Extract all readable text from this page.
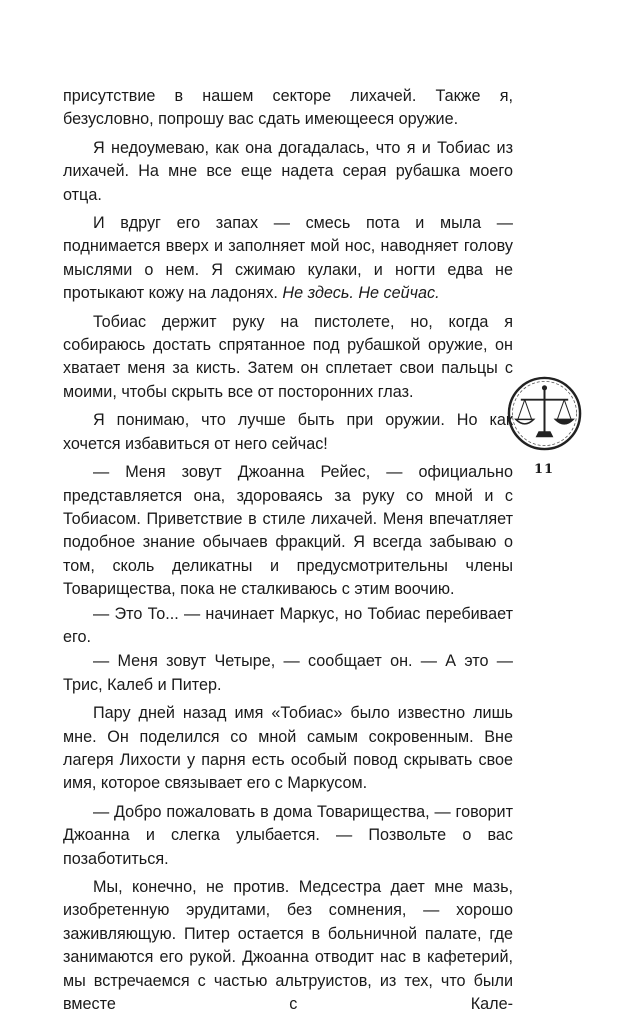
присутствие в нашем секторе лихачей. Также я, безусловно, попрошу вас сдать имеющееся оружие.

Я недоумеваю, как она догадалась, что я и Тобиас из лихачей. На мне все еще надета серая рубашка моего отца.

И вдруг его запах — смесь пота и мыла — поднимается вверх и заполняет мой нос, наводняет голову мыслями о нем. Я сжимаю кулаки, и ногти едва не протыкают кожу на ладонях. Не здесь. Не сейчас.

Тобиас держит руку на пистолете, но, когда я собираюсь достать спрятанное под рубашкой оружие, он хватает меня за кисть. Затем он сплетает свои пальцы с моими, чтобы скрыть все от посторонних глаз.

Я понимаю, что лучше быть при оружии. Но как хочется избавиться от него сейчас!

— Меня зовут Джоанна Рейес, — официально представляется она, здороваясь за руку со мной и с Тобиасом. Приветствие в стиле лихачей. Меня впечатляет подобное знание обычаев фракций. Я всегда забываю о том, сколь деликатны и предусмотрительны члены Товарищества, пока не сталкиваюсь с этим воочию.

— Это То... — начинает Маркус, но Тобиас перебивает его.

— Меня зовут Четыре, — сообщает он. — А это — Трис, Калеб и Питер.

Пару дней назад имя «Тобиас» было известно лишь мне. Он поделился со мной самым сокровенным. Вне лагеря Лихости у парня есть особый повод скрывать свое имя, которое связывает его с Маркусом.

— Добро пожаловать в дома Товарищества, — говорит Джоанна и слегка улыбается. — Позвольте о вас позаботиться.

Мы, конечно, не против. Медсестра дает мне мазь, изобретенную эрудитами, без сомнения, — хорошо заживляющую. Питер остается в больничной палате, где занимаются его рукой. Джоанна отводит нас в кафетерий, мы встречаемся с частью альтруистов, из тех, что были вместе с Кале-

11
